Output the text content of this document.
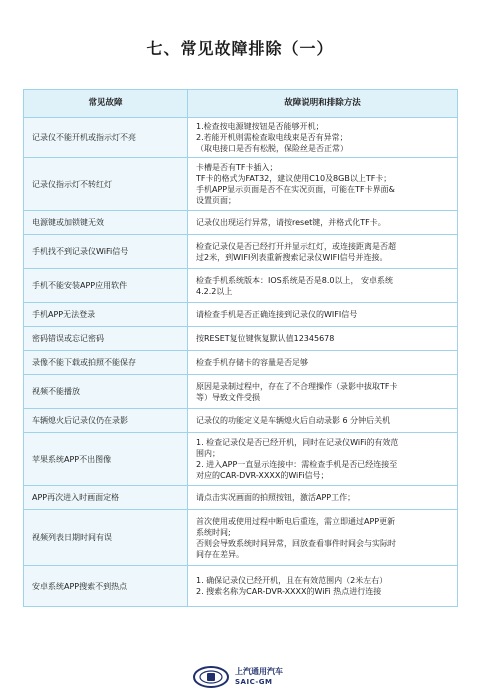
七、常见故障排除（一）
常见故障	故障说明和排除方法
记录仪不能开机或指示灯不亮	1.检查按电源键按钮是否能够开机；
2.若能开机则需检查取电线束是否有异常；
（取电接口是否有松脱，保险丝是否正常）

记录仪指示灯不转红灯	卡槽是否有TF卡插入；
TF卡的格式为FAT32，建议使用C10及8GB以上TF卡；
手机APP显示页面是否不在实况页面，可能在TF卡界面&
设置页面；

电源键或加锁键无效	记录仪出现运行异常，请按reset键，并格式化TF卡。

手机找不到记录仪WiFi信号	检查记录仪是否已经打开并显示红灯，或连接距离是否超
过2米，到WIFI列表重新搜索记录仪WIFI信号并连接。

手机不能安装APP应用软件	检查手机系统版本：IOS系统是否是8.0以上， 安卓系统
4.2.2以上

手机APP无法登录	请检查手机是否正确连接到记录仪的WIFI信号

密码错误或忘记密码	按RESET复位键恢复默认值12345678

录像不能下载或拍照不能保存	检查手机存储卡的容量是否足够

视频不能播放	原因是录制过程中，存在了不合理操作（录影中拔取TF卡
等）导致文件受损

车辆熄火后记录仪仍在录影	记录仪的功能定义是车辆熄火后自动录影 6 分钟后关机

苹果系统APP不出图像	1. 检查记录仪是否已经开机，同时在记录仪WiFi的有效范
围内；
2. 进入APP一直显示连接中：需检查手机是否已经连接至
对应的CAR-DVR-XXXX的WiFi信号；

APP再次进入时画面定格	请点击实况画面的拍照按钮，激活APP工作；

视频列表日期时间有误	首次使用或使用过程中断电后重连，需立即通过APP更新
系统时间;
否则会导致系统时间异常，回放查看事件时间会与实际时
间存在差异。

安卓系统APP搜索不到热点	1. 确保记录仪已经开机，且在有效范围内（2米左右）
2. 搜索名称为CAR-DVR-XXXX的WiFi 热点进行连接
上汽通用汽车
SAIC-GM
